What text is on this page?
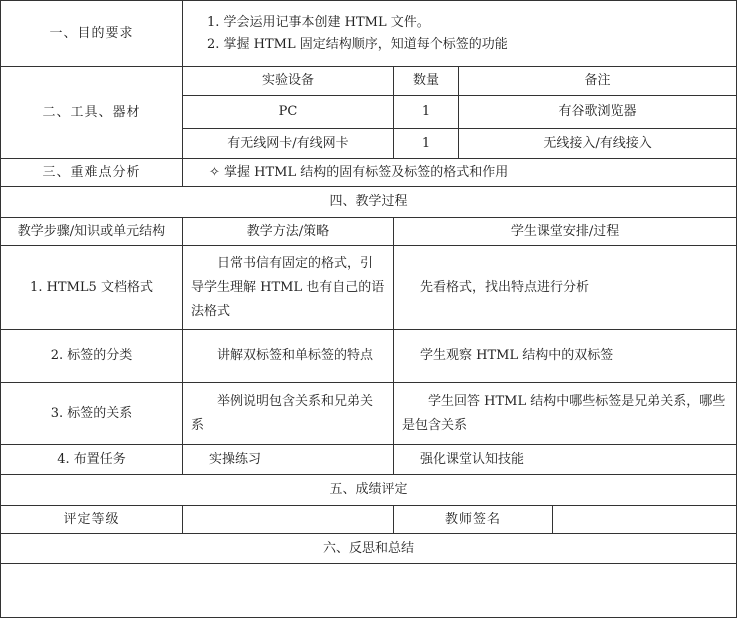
一、目的要求	1. 学会运用记事本创建 HTML 文件。
2. 掌握 HTML 固定结构顺序，知道每个标签的功能			

二、工具、器材	实验设备	数量	备注	
	PC	1	有谷歌浏览器	
	有无线网卡/有线网卡	1	无线接入/有线接入	
三、重难点分析	✧ 掌握 HTML 结构的固有标签及标签的格式和作用			
四、教学过程				
教学步骤/知识或单元结构	教学方法/策略	学生课堂安排/过程		
1. HTML5 文档格式	日常书信有固定的格式，引导学生理解 HTML 也有自己的语法格式	先看格式，找出特点进行分析		
2. 标签的分类	讲解双标签和单标签的特点	学生观察 HTML 结构中的双标签		
3. 标签的关系	举例说明包含关系和兄弟关系	学生回答 HTML 结构中哪些标签是兄弟关系，哪些是包含关系		
4. 布置任务	实操练习	强化课堂认知技能		
五、成绩评定				
评定等级		教师签名		
六、反思和总结				
